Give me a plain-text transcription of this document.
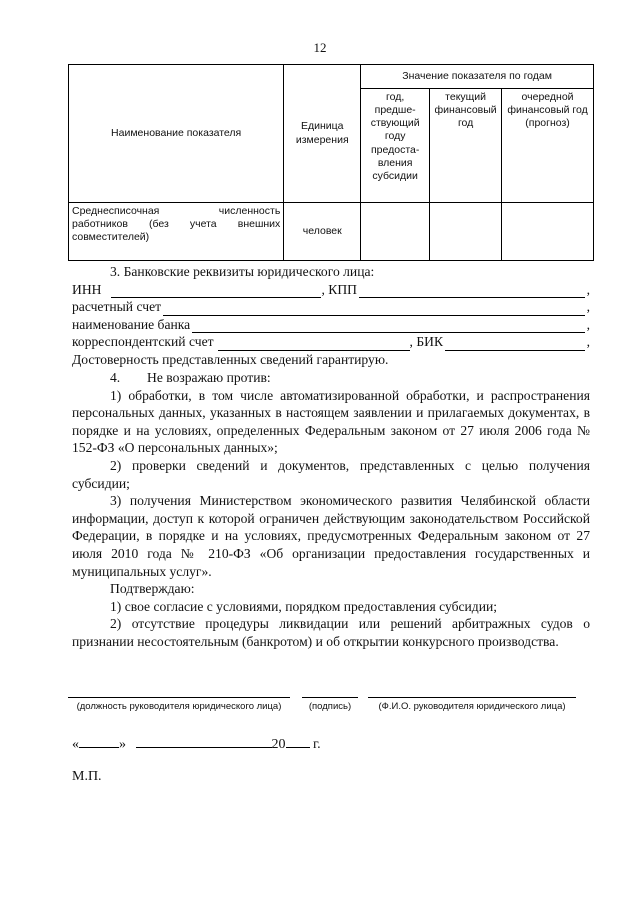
12
Наименование показателя	Единица измерения	Значение показателя по годам		
		год, предше-ствующий году предоста-вления субсидии	текущий финансовый год	очередной финансовый год (прогноз)
Среднесписочная численность работников (без учета внешних совместителей)	человек			
3. Банковские реквизиты юридического лица:
ИНН	, КПП	,
расчетный счет	,
наименование банка	,
корреспондентский счет	, БИК	,
Достоверность представленных сведений гарантирую.
4. Не возражаю против:
1) обработки, в том числе автоматизированной обработки, и распространения персональных данных, указанных в настоящем заявлении и прилагаемых документах, в порядке и на условиях, определенных Федеральным законом от 27 июля 2006 года № 152-ФЗ «О персональных данных»;
2) проверки сведений и документов, представленных с целью получения субсидии;
3) получения Министерством экономического развития Челябинской области информации, доступ к которой ограничен действующим законодательством Российской Федерации, в порядке и на условиях, предусмотренных Федеральным законом от 27 июля 2010 года № 210-ФЗ «Об организации предоставления государственных и муниципальных услуг».
Подтверждаю:
1) свое согласие с условиями, порядком предоставления субсидии;
2) отсутствие процедуры ликвидации или решений арбитражных судов о признании несостоятельным (банкротом) и об открытии конкурсного производства.
(должность руководителя юридического лица)	(подпись)	(Ф.И.О. руководителя юридического лица)
«	»	20 г.
М.П.
